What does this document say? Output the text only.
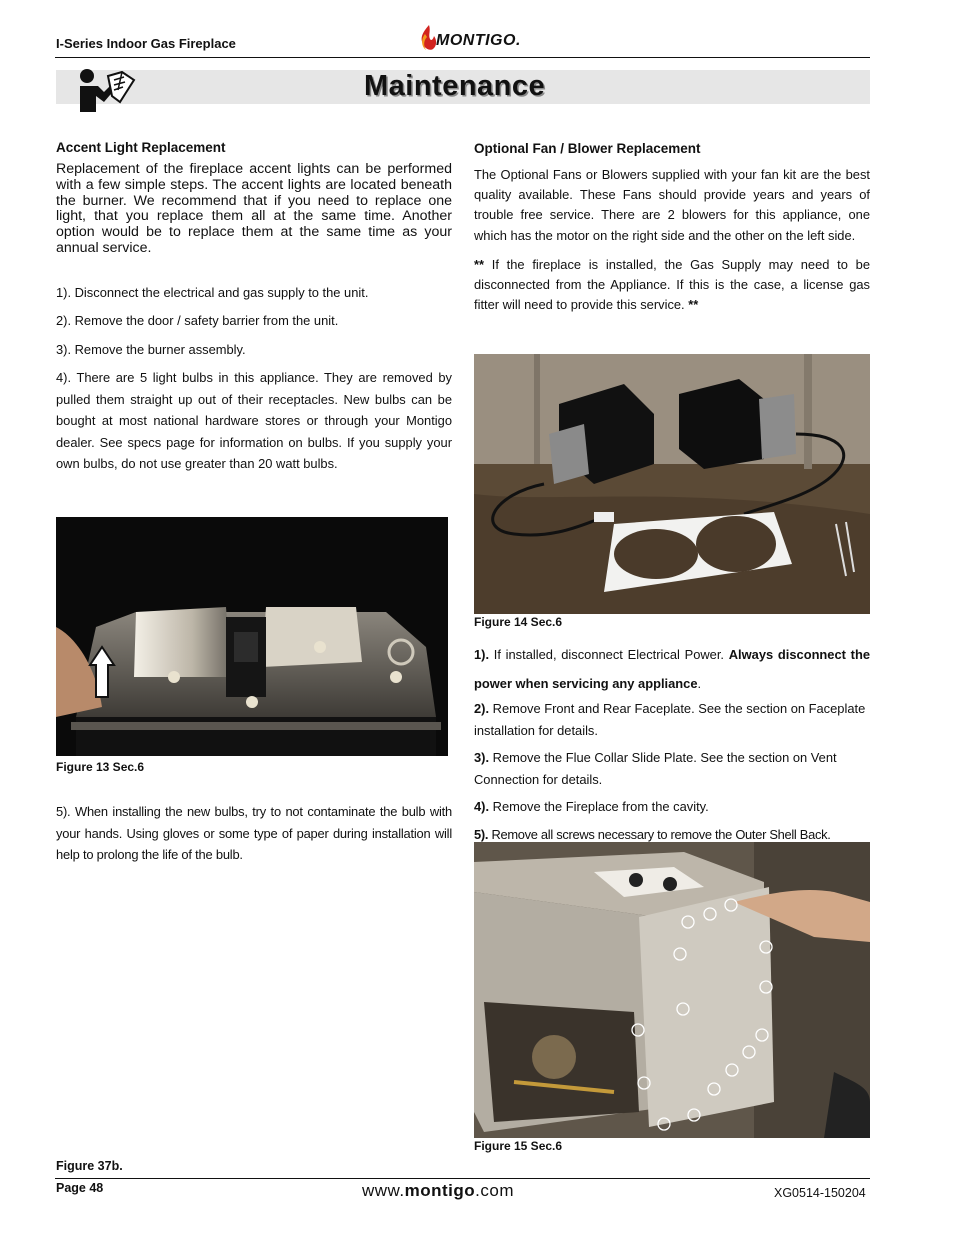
I-Series Indoor Gas Fireplace	MONTIGO.
Maintenance
Accent Light Replacement
Replacement of the fireplace accent lights can be performed with a few simple steps. The accent lights are located beneath the burner. We recommend that if you need to replace one light, that you replace them all at the same time. Another option would be to replace them at the same time as your annual service.
1). Disconnect the electrical and gas supply to the unit.
2). Remove the door / safety barrier from the unit.
3). Remove the burner assembly.
4). There are 5 light bulbs in this appliance. They are removed by pulled them straight up out of their receptacles. New bulbs can be bought at most national hardware stores or through your Montigo dealer. See specs page for information on bulbs. If you supply your own bulbs, do not use greater than 20 watt bulbs.
Figure 13 Sec.6
5). When installing the new bulbs, try to not contaminate the bulb with your hands. Using gloves or some type of paper during installation will help to prolong the life of the bulb.
Figure 37b.
Optional Fan / Blower Replacement
The Optional Fans or Blowers supplied with your fan kit are the best quality available. These Fans should provide years and years of trouble free service. There are 2 blowers for this appliance, one which has the motor on the right side and the other on the left side.
** If the fireplace is installed, the Gas Supply may need to be disconnected from the Appliance. If this is the case, a license gas fitter will need to provide this service. **
Figure 14 Sec.6
1). If installed, disconnect Electrical Power. Always disconnect the power when servicing any appliance.
2). Remove Front and Rear Faceplate. See the section on Faceplate installation for details.
3). Remove the Flue Collar Slide Plate. See the section on Vent Connection for details.
4). Remove the Fireplace from the cavity.
5). Remove all screws necessary to remove the Outer Shell Back.
Figure 15 Sec.6
Page 48	www.montigo.com	XG0514-150204
